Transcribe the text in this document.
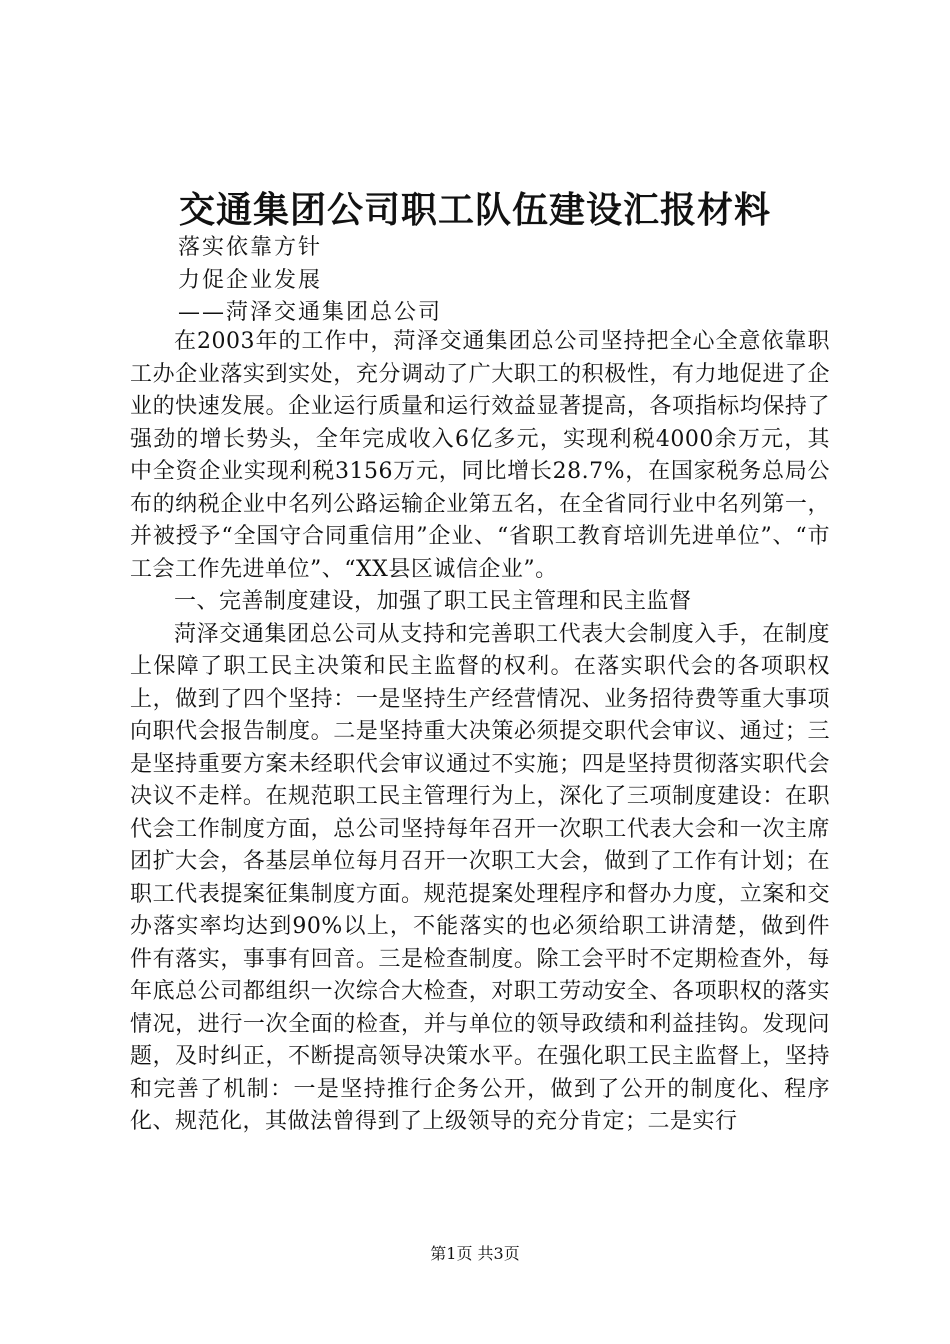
交通集团公司职工队伍建设汇报材料

落实依靠方针

力促企业发展

——菏泽交通集团总公司

在2003年的工作中，菏泽交通集团总公司坚持把全心全意依靠职工办企业落实到实处，充分调动了广大职工的积极性，有力地促进了企业的快速发展。企业运行质量和运行效益显著提高，各项指标均保持了强劲的增长势头，全年完成收入6亿多元，实现利税4000余万元，其中全资企业实现利税3156万元，同比增长28.7%，在国家税务总局公布的纳税企业中名列公路运输企业第五名，在全省同行业中名列第一，并被授予“全国守合同重信用”企业、“省职工教育培训先进单位”、“市工会工作先进单位”、“XX县区诚信企业”。

一、完善制度建设，加强了职工民主管理和民主监督

菏泽交通集团总公司从支持和完善职工代表大会制度入手，在制度上保障了职工民主决策和民主监督的权利。在落实职代会的各项职权上，做到了四个坚持：一是坚持生产经营情况、业务招待费等重大事项向职代会报告制度。二是坚持重大决策必须提交职代会审议、通过；三是坚持重要方案未经职代会审议通过不实施；四是坚持贯彻落实职代会决议不走样。在规范职工民主管理行为上，深化了三项制度建设：在职代会工作制度方面，总公司坚持每年召开一次职工代表大会和一次主席团扩大会，各基层单位每月召开一次职工大会，做到了工作有计划；在职工代表提案征集制度方面。规范提案处理程序和督办力度，立案和交办落实率均达到90%以上，不能落实的也必须给职工讲清楚，做到件件有落实，事事有回音。三是检查制度。除工会平时不定期检查外，每年底总公司都组织一次综合大检查，对职工劳动安全、各项职权的落实情况，进行一次全面的检查，并与单位的领导政绩和利益挂钩。发现问题，及时纠正，不断提高领导决策水平。在强化职工民主监督上，坚持和完善了机制：一是坚持推行企务公开，做到了公开的制度化、程序化、规范化，其做法曾得到了上级领导的充分肯定；二是实行

第1页 共3页
